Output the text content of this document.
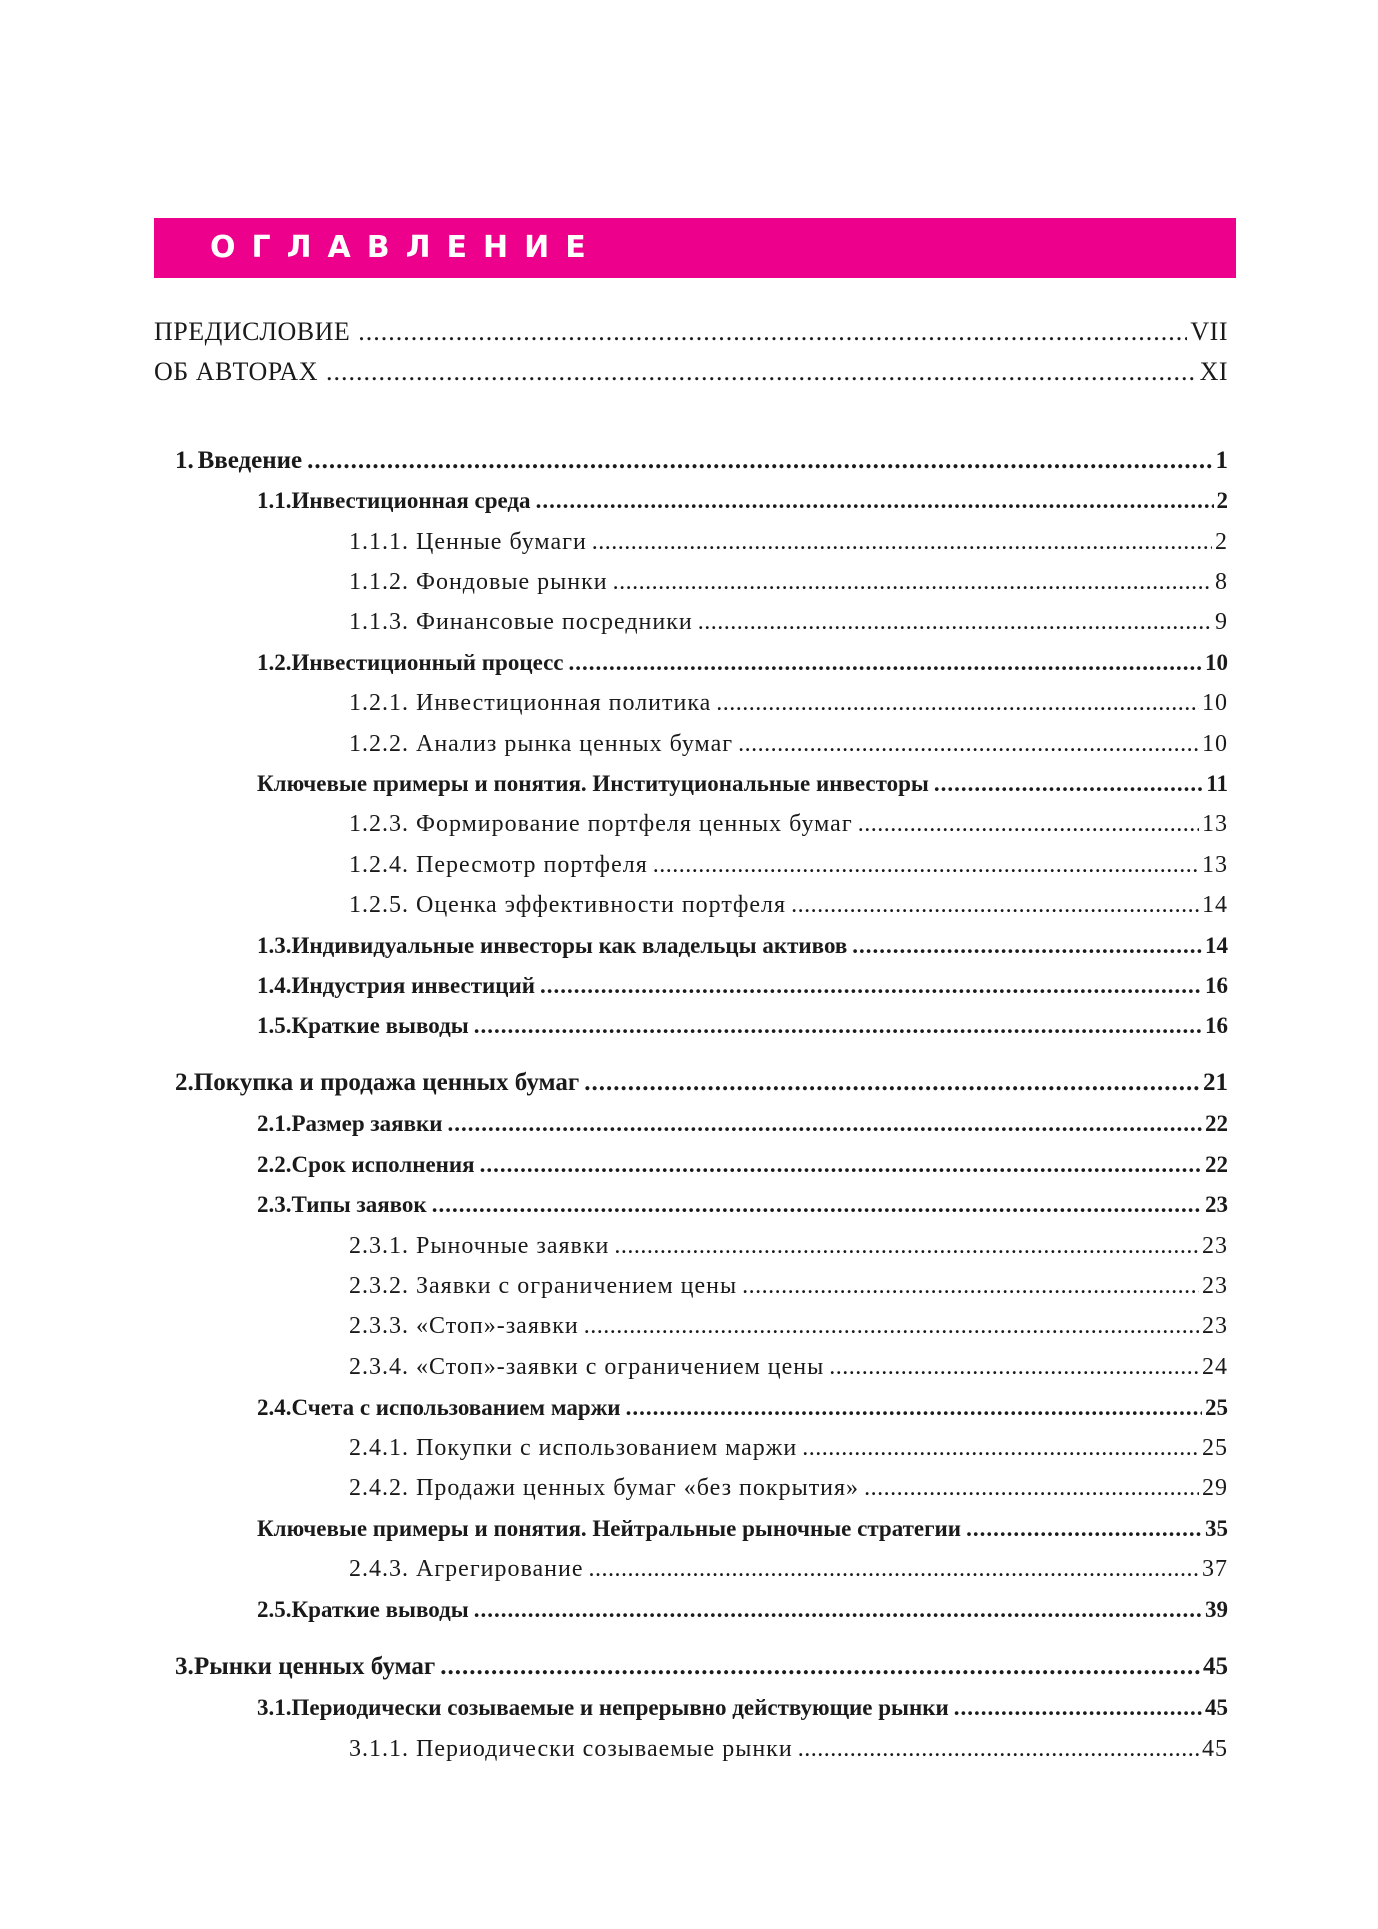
ОГЛАВЛЕНИЕ
ПРЕДИСЛОВИЕ .....	VII
ОБ АВТОРАХ .....	XI
1. Введение .....	1
1.1. Инвестиционная среда .....	2
1.1.1. Ценные бумаги .....	2
1.1.2. Фондовые рынки .....	8
1.1.3. Финансовые посредники .....	9
1.2. Инвестиционный процесс .....	10
1.2.1. Инвестиционная политика .....	10
1.2.2. Анализ рынка ценных бумаг .....	10
Ключевые примеры и понятия. Институциональные инвесторы .....	11
1.2.3. Формирование портфеля ценных бумаг .....	13
1.2.4. Пересмотр портфеля .....	13
1.2.5. Оценка эффективности портфеля .....	14
1.3. Индивидуальные инвесторы как владельцы активов .....	14
1.4. Индустрия инвестиций .....	16
1.5. Краткие выводы .....	16
2. Покупка и продажа ценных бумаг .....	21
2.1. Размер заявки .....	22
2.2. Срок исполнения .....	22
2.3. Типы заявок .....	23
2.3.1. Рыночные заявки .....	23
2.3.2. Заявки с ограничением цены .....	23
2.3.3. «Стоп»-заявки .....	23
2.3.4. «Стоп»-заявки с ограничением цены .....	24
2.4. Счета с использованием маржи .....	25
2.4.1. Покупки с использованием маржи .....	25
2.4.2. Продажи ценных бумаг «без покрытия» .....	29
Ключевые примеры и понятия. Нейтральные рыночные стратегии .....	35
2.4.3. Агрегирование .....	37
2.5. Краткие выводы .....	39
3. Рынки ценных бумаг .....	45
3.1. Периодически созываемые и непрерывно действующие рынки .....	45
3.1.1. Периодически созываемые рынки .....	45
